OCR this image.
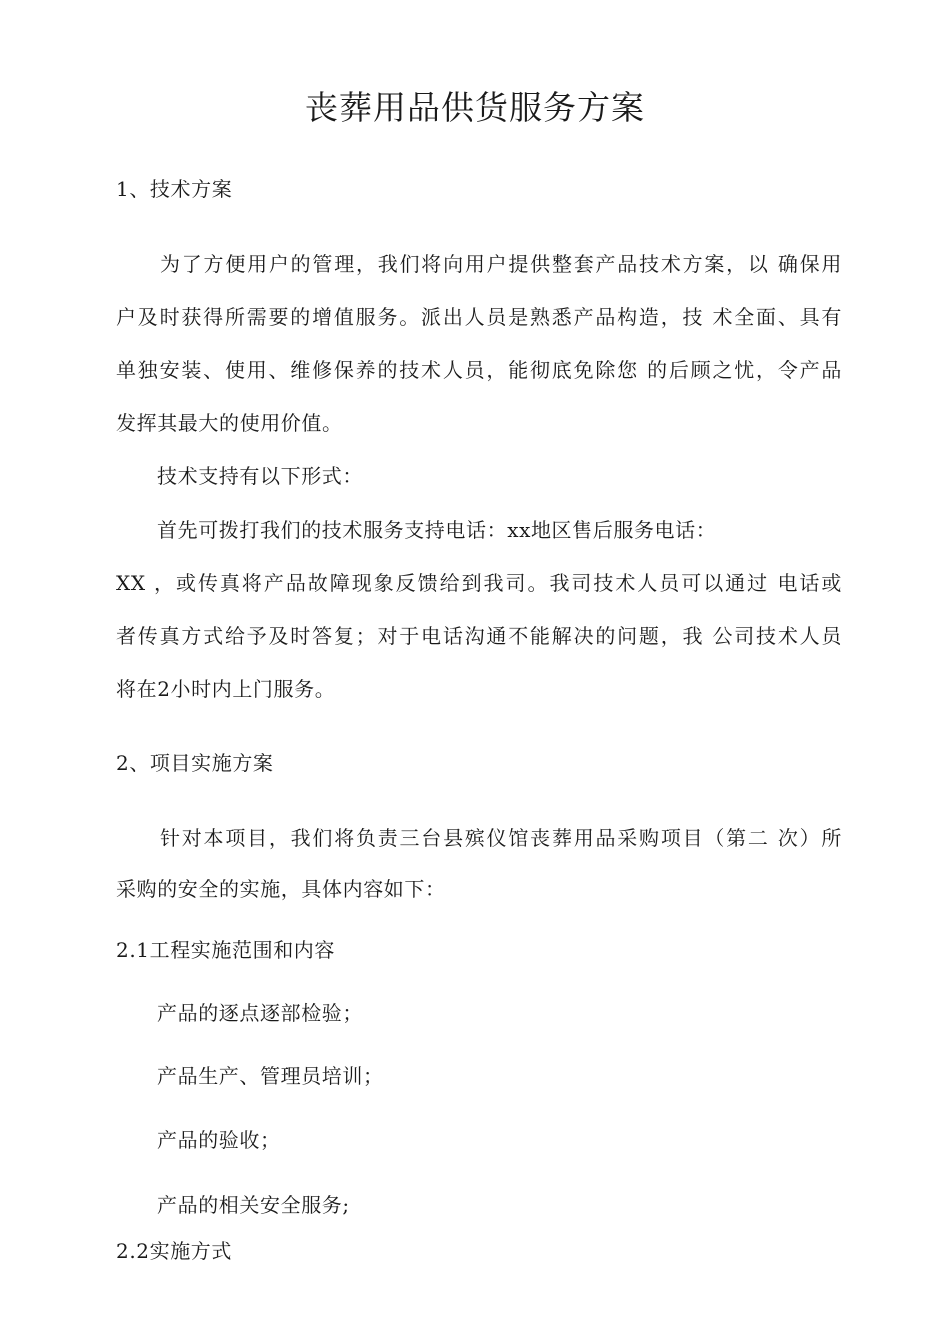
丧葬用品供货服务方案
1、技术方案
为了方便用户的管理，我们将向用户提供整套产品技术方案，以 确保用
户及时获得所需要的增值服务。派出人员是熟悉产品构造，技 术全面、具有
单独安装、使用、维修保养的技术人员，能彻底免除您 的后顾之忧，令产品
发挥其最大的使用价值。
技术支持有以下形式：
首先可拨打我们的技术服务支持电话：xx地区售后服务电话：
XX ，或传真将产品故障现象反馈给到我司。我司技术人员可以通过 电话或
者传真方式给予及时答复；对于电话沟通不能解决的问题，我 公司技术人员
将在2小时内上门服务。
2、项目实施方案
针对本项目，我们将负责三台县殡仪馆丧葬用品采购项目（第二 次）所
采购的安全的实施，具体内容如下：
2.1工程实施范围和内容
产品的逐点逐部检验；
产品生产、管理员培训；
产品的验收；
产品的相关安全服务;
2.2实施方式
